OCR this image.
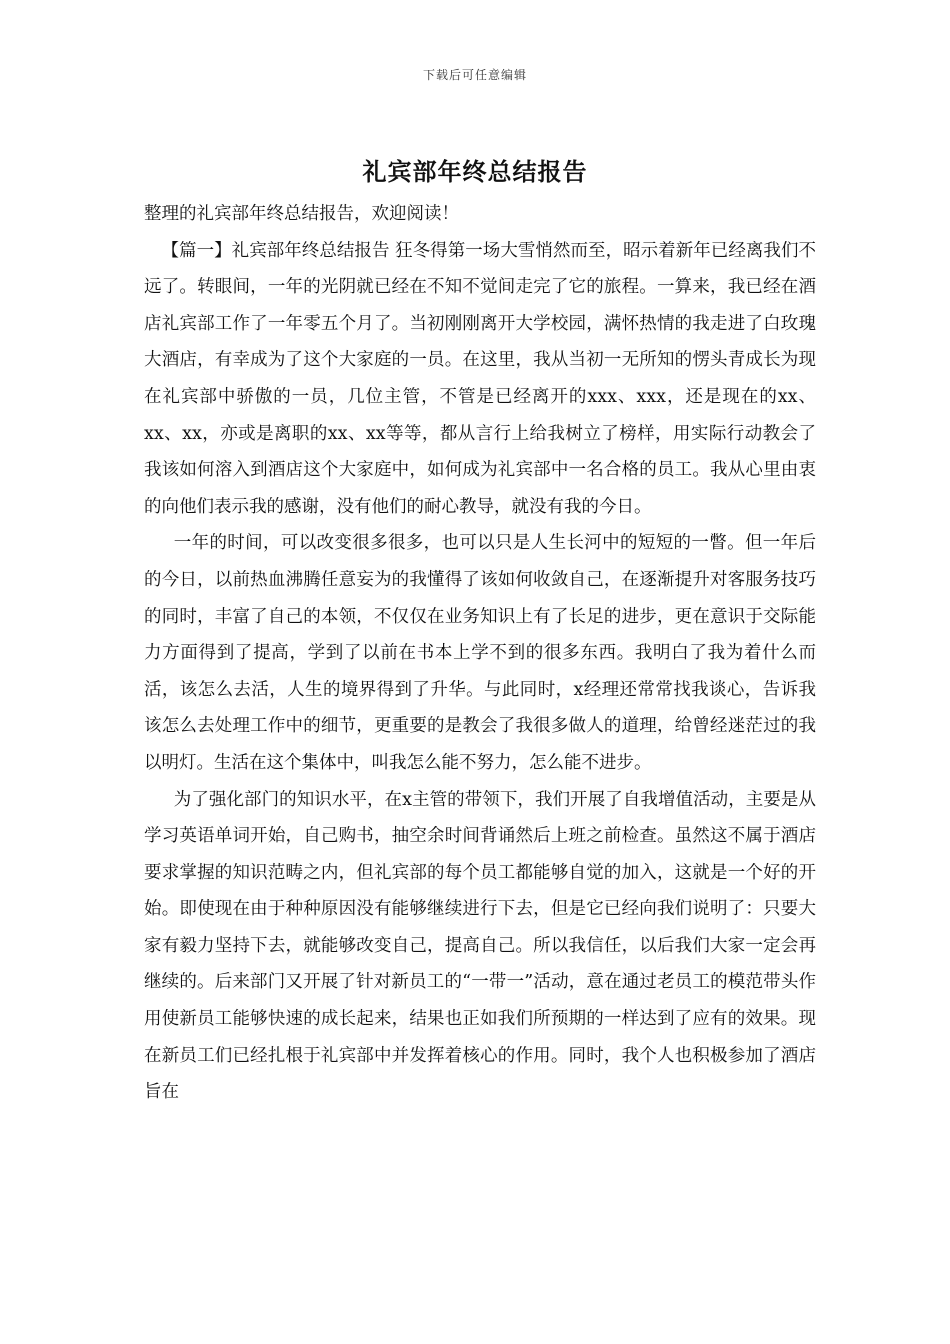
下载后可任意编辑
礼宾部年终总结报告

整理的礼宾部年终总结报告，欢迎阅读！

【篇一】礼宾部年终总结报告 狂冬得第一场大雪悄然而至，昭示着新年已经离我们不远了。转眼间，一年的光阴就已经在不知不觉间走完了它的旅程。一算来，我已经在酒店礼宾部工作了一年零五个月了。当初刚刚离开大学校园，满怀热情的我走进了白玫瑰大酒店，有幸成为了这个大家庭的一员。在这里，我从当初一无所知的愣头青成长为现在礼宾部中骄傲的一员，几位主管，不管是已经离开的xxx、xxx，还是现在的xx、xx、xx，亦或是离职的xx、xx等等，都从言行上给我树立了榜样，用实际行动教会了我该如何溶入到酒店这个大家庭中，如何成为礼宾部中一名合格的员工。我从心里由衷的向他们表示我的感谢，没有他们的耐心教导，就没有我的今日。

一年的时间，可以改变很多很多，也可以只是人生长河中的短短的一瞥。但一年后的今日，以前热血沸腾任意妄为的我懂得了该如何收敛自己，在逐渐提升对客服务技巧的同时，丰富了自己的本领，不仅仅在业务知识上有了长足的进步，更在意识于交际能力方面得到了提高，学到了以前在书本上学不到的很多东西。我明白了我为着什么而活，该怎么去活，人生的境界得到了升华。与此同时，x经理还常常找我谈心，告诉我该怎么去处理工作中的细节，更重要的是教会了我很多做人的道理，给曾经迷茫过的我以明灯。生活在这个集体中，叫我怎么能不努力，怎么能不进步。

为了强化部门的知识水平，在x主管的带领下，我们开展了自我增值活动，主要是从学习英语单词开始，自己购书，抽空余时间背诵然后上班之前检查。虽然这不属于酒店要求掌握的知识范畴之内，但礼宾部的每个员工都能够自觉的加入，这就是一个好的开始。即使现在由于种种原因没有能够继续进行下去，但是它已经向我们说明了：只要大家有毅力坚持下去，就能够改变自己，提高自己。所以我信任，以后我们大家一定会再继续的。后来部门又开展了针对新员工的“一带一”活动，意在通过老员工的模范带头作用使新员工能够快速的成长起来，结果也正如我们所预期的一样达到了应有的效果。现在新员工们已经扎根于礼宾部中并发挥着核心的作用。同时，我个人也积极参加了酒店旨在
